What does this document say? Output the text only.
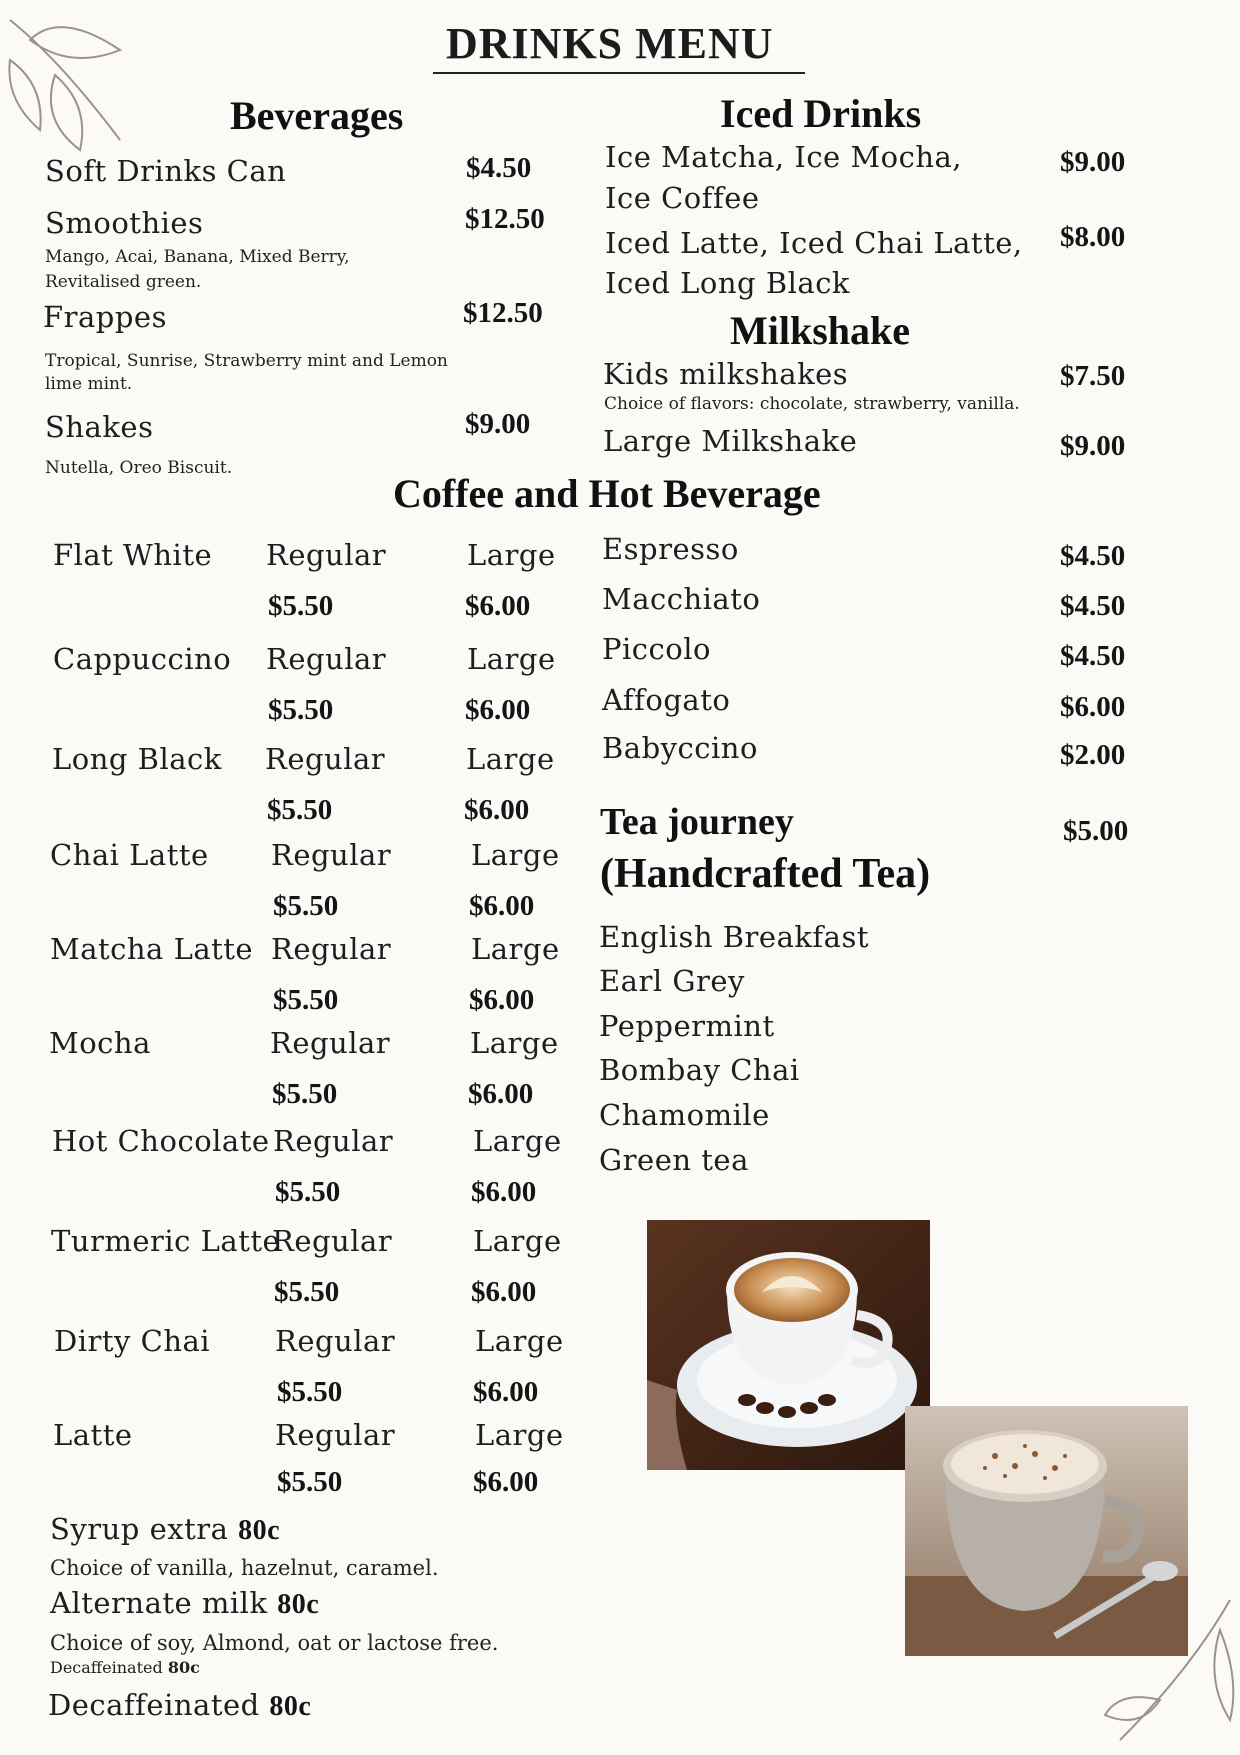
DRINKS MENU
Beverages
Soft Drinks Can	$4.50
Smoothies	$12.50
Mango, Acai, Banana, Mixed Berry,
Revitalised green.
Frappes	$12.50
Tropical, Sunrise, Strawberry mint and Lemon
lime mint.
Shakes	$9.00
Nutella, Oreo Biscuit.
Iced Drinks
Ice Matcha, Ice Mocha,
Ice Coffee
$9.00
Iced Latte, Iced Chai Latte,
Iced Long Black
$8.00
Milkshake
Kids milkshakes	$7.50
Choice of flavors: chocolate, strawberry, vanilla.
Large Milkshake	$9.00
Coffee and Hot Beverage
Flat White Regular	Large
$5.50	$6.00
Cappuccino Regular	Large
$5.50	$6.00
Long Black Regular	Large
$5.50	$6.00
Chai Latte Regular	Large
$5.50	$6.00
Matcha Latte Regular	Large
$5.50	$6.00
Mocha	Regular	Large
$5.50	$6.00
Hot Chocolate Regular	Large
$5.50	$6.00
Turmeric Latte
Regular	Large
$5.50	$6.00
Dirty Chai Regular	Large
$5.50	$6.00
Latte	Regular	Large
$5.50	$6.00
Espresso	$4.50
Macchiato	$4.50
Piccolo	$4.50
Affogato	$6.00
Babyccino	$2.00
Tea journey
(Handcrafted Tea)
$5.00
English Breakfast
Earl Grey
Peppermint
Bombay Chai
Chamomile
Green tea
Syrup extra 80c
Choice of vanilla, hazelnut, caramel.
Alternate milk 80c
Choice of soy, Almond, oat or lactose free.
Decaffeinated 80c
Decaffeinated 80c
